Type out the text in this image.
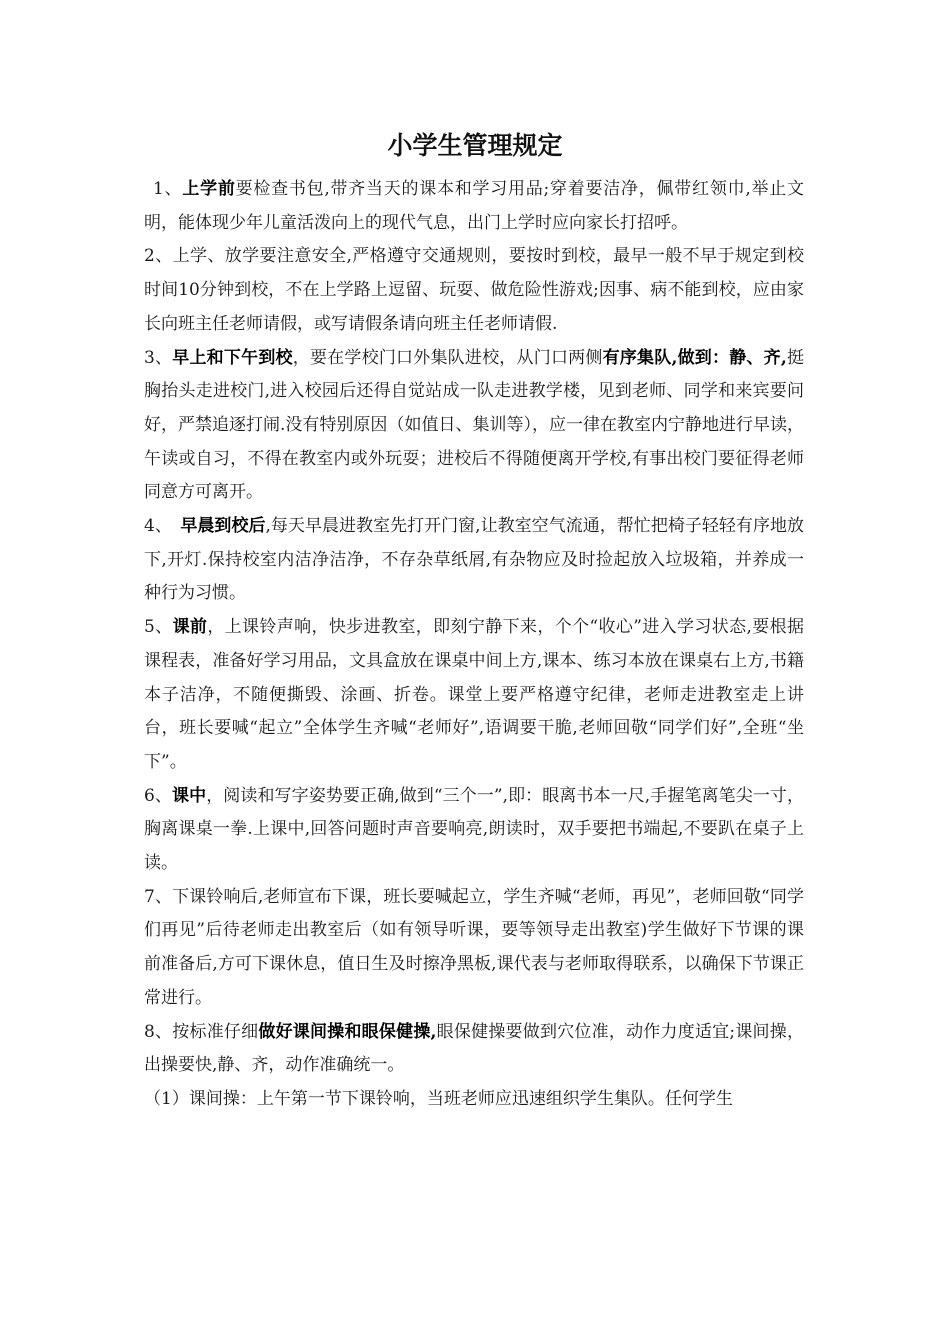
小学生管理规定

1、上学前要检查书包,带齐当天的课本和学习用品;穿着要洁净，佩带红领巾,举止文明，能体现少年儿童活泼向上的现代气息，出门上学时应向家长打招呼。

2、上学、放学要注意安全,严格遵守交通规则，要按时到校，最早一般不早于规定到校时间10分钟到校，不在上学路上逗留、玩耍、做危险性游戏;因事、病不能到校，应由家长向班主任老师请假，或写请假条请向班主任老师请假.

3、早上和下午到校，要在学校门口外集队进校，从门口两侧有序集队,做到：静、齐,挺胸抬头走进校门,进入校园后还得自觉站成一队走进教学楼，见到老师、同学和来宾要问好，严禁追逐打闹.没有特别原因（如值日、集训等），应一律在教室内宁静地进行早读，午读或自习，不得在教室内或外玩耍；进校后不得随便离开学校,有事出校门要征得老师同意方可离开。

4、　早晨到校后,每天早晨进教室先打开门窗,让教室空气流通，帮忙把椅子轻轻有序地放下,开灯.保持校室内洁净洁净，不存杂草纸屑,有杂物应及时捡起放入垃圾箱，并养成一种行为习惯。

5、课前，上课铃声响，快步进教室，即刻宁静下来，个个“收心”进入学习状态,要根据课程表，准备好学习用品，文具盒放在课桌中间上方,课本、练习本放在课桌右上方,书籍本子洁净，不随便撕毁、涂画、折卷。课堂上要严格遵守纪律，老师走进教室走上讲台，班长要喊“起立”全体学生齐喊“老师好”,语调要干脆,老师回敬“同学们好”,全班“坐下”。

6、课中，阅读和写字姿势要正确,做到“三个一”,即：眼离书本一尺,手握笔离笔尖一寸，胸离课桌一拳.上课中,回答问题时声音要响亮,朗读时，双手要把书端起,不要趴在桌子上读。

7、下课铃响后,老师宣布下课，班长要喊起立，学生齐喊“老师，再见”，老师回敬“同学们再见”后待老师走出教室后（如有领导听课，要等领导走出教室)学生做好下节课的课前准备后,方可下课休息，值日生及时擦净黑板,课代表与老师取得联系，以确保下节课正常进行。

8、按标准仔细做好课间操和眼保健操,眼保健操要做到穴位准，动作力度适宜;课间操，出操要快,静、齐，动作准确统一。

（1）课间操：上午第一节下课铃响，当班老师应迅速组织学生集队。任何学生
